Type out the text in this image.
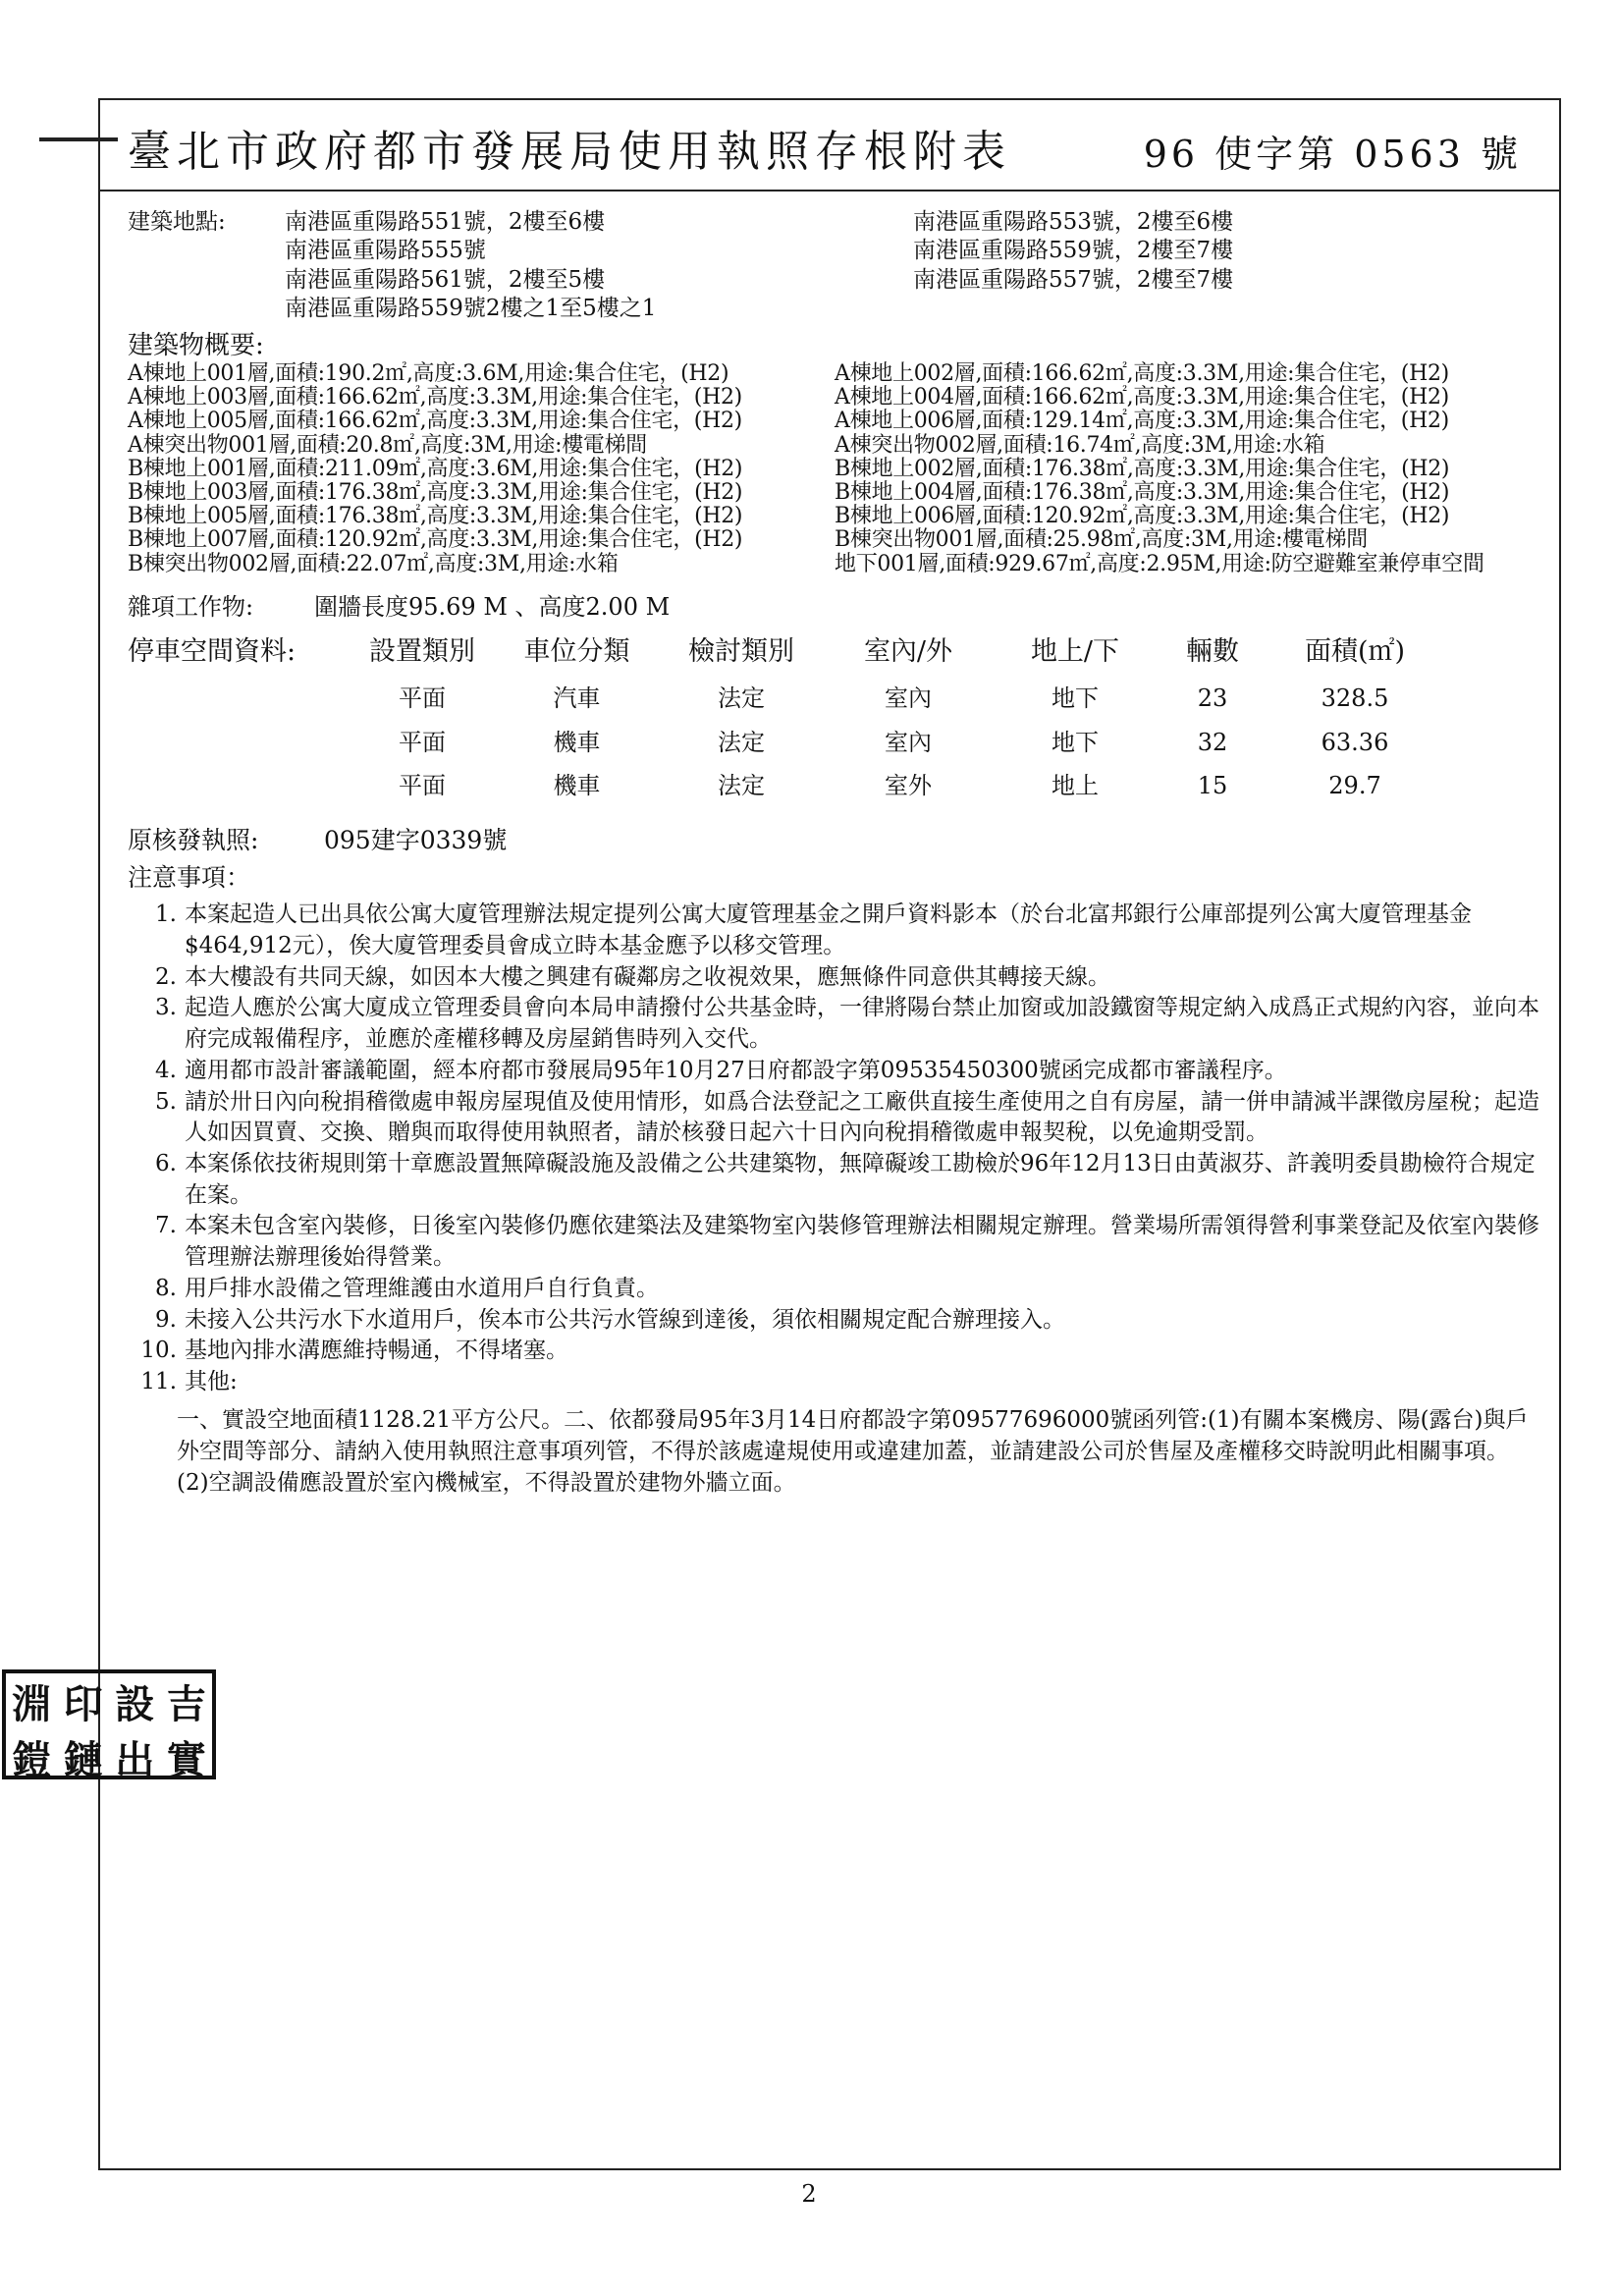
臺北市政府都市發展局使用執照存根附表	96 使字第 0563 號
建築地點:	南港區重陽路551號，2樓至6樓
南港區重陽路555號
南港區重陽路561號，2樓至5樓
南港區重陽路559號2樓之1至5樓之1
南港區重陽路553號，2樓至6樓
南港區重陽路559號，2樓至7樓
南港區重陽路557號，2樓至7樓
建築物概要:
A棟地上001層,面積:190.2㎡,高度:3.6M,用途:集合住宅，(H2)	A棟地上002層,面積:166.62㎡,高度:3.3M,用途:集合住宅，(H2)
A棟地上003層,面積:166.62㎡,高度:3.3M,用途:集合住宅，(H2)	A棟地上004層,面積:166.62㎡,高度:3.3M,用途:集合住宅，(H2)
A棟地上005層,面積:166.62㎡,高度:3.3M,用途:集合住宅，(H2)	A棟地上006層,面積:129.14㎡,高度:3.3M,用途:集合住宅，(H2)
A棟突出物001層,面積:20.8㎡,高度:3M,用途:樓電梯間	A棟突出物002層,面積:16.74㎡,高度:3M,用途:水箱
B棟地上001層,面積:211.09㎡,高度:3.6M,用途:集合住宅，(H2)	B棟地上002層,面積:176.38㎡,高度:3.3M,用途:集合住宅，(H2)
B棟地上003層,面積:176.38㎡,高度:3.3M,用途:集合住宅，(H2)	B棟地上004層,面積:176.38㎡,高度:3.3M,用途:集合住宅，(H2)
B棟地上005層,面積:176.38㎡,高度:3.3M,用途:集合住宅，(H2)	B棟地上006層,面積:120.92㎡,高度:3.3M,用途:集合住宅，(H2)
B棟地上007層,面積:120.92㎡,高度:3.3M,用途:集合住宅，(H2)	B棟突出物001層,面積:25.98㎡,高度:3M,用途:樓電梯間
B棟突出物002層,面積:22.07㎡,高度:3M,用途:水箱	地下001層,面積:929.67㎡,高度:2.95M,用途:防空避難室兼停車空間
雜項工作物:	圍牆長度95.69 M 、高度2.00 M
停車空間資料:	設置類別	車位分類	檢討類別	室內/外	地上/下	輛數	面積(㎡)
平面	汽車	法定	室內	地下	23	328.5
平面	機車	法定	室內	地下	32	63.36
平面	機車	法定	室外	地上	15	29.7
原核發執照:	095建字0339號
注意事項：
1. 本案起造人已出具依公寓大廈管理辦法規定提列公寓大廈管理基金之開戶資料影本（於台北富邦銀行公庫部提列公寓大廈管理基金$464,912元），俟大廈管理委員會成立時本基金應予以移交管理。
2. 本大樓設有共同天線，如因本大樓之興建有礙鄰房之收視效果，應無條件同意供其轉接天線。
3. 起造人應於公寓大廈成立管理委員會向本局申請撥付公共基金時，一律將陽台禁止加窗或加設鐵窗等規定納入成爲正式規約內容，並向本府完成報備程序，並應於產權移轉及房屋銷售時列入交代。
4. 適用都市設計審議範圍，經本府都市發展局95年10月27日府都設字第09535450300號函完成都市審議程序。
5. 請於卅日內向稅捐稽徵處申報房屋現值及使用情形，如爲合法登記之工廠供直接生產使用之自有房屋，請一併申請減半課徵房屋稅；起造人如因買賣、交換、贈與而取得使用執照者，請於核發日起六十日內向稅捐稽徵處申報契稅，以免逾期受罰。
6. 本案係依技術規則第十章應設置無障礙設施及設備之公共建築物，無障礙竣工勘檢於96年12月13日由黃淑芬、許義明委員勘檢符合規定在案。
7. 本案未包含室內裝修，日後室內裝修仍應依建築法及建築物室內裝修管理辦法相關規定辦理。營業場所需領得營利事業登記及依室內裝修管理辦法辦理後始得營業。
8. 用戶排水設備之管理維護由水道用戶自行負責。
9. 未接入公共污水下水道用戶，俟本市公共污水管線到達後，須依相關規定配合辦理接入。
10. 基地內排水溝應維持暢通，不得堵塞。
11. 其他:
一、實設空地面積1128.21平方公尺。二、依都發局95年3月14日府都設字第09577696000號函列管:(1)有關本案機房、陽(露台)與戶外空間等部分、請納入使用執照注意事項列管，不得於該處違規使用或違建加蓋，並請建設公司於售屋及產權移交時說明此相關事項。(2)空調設備應設置於室內機械室，不得設置於建物外牆立面。
淵 印 設 吉
鎧 鏈 出 實
2
